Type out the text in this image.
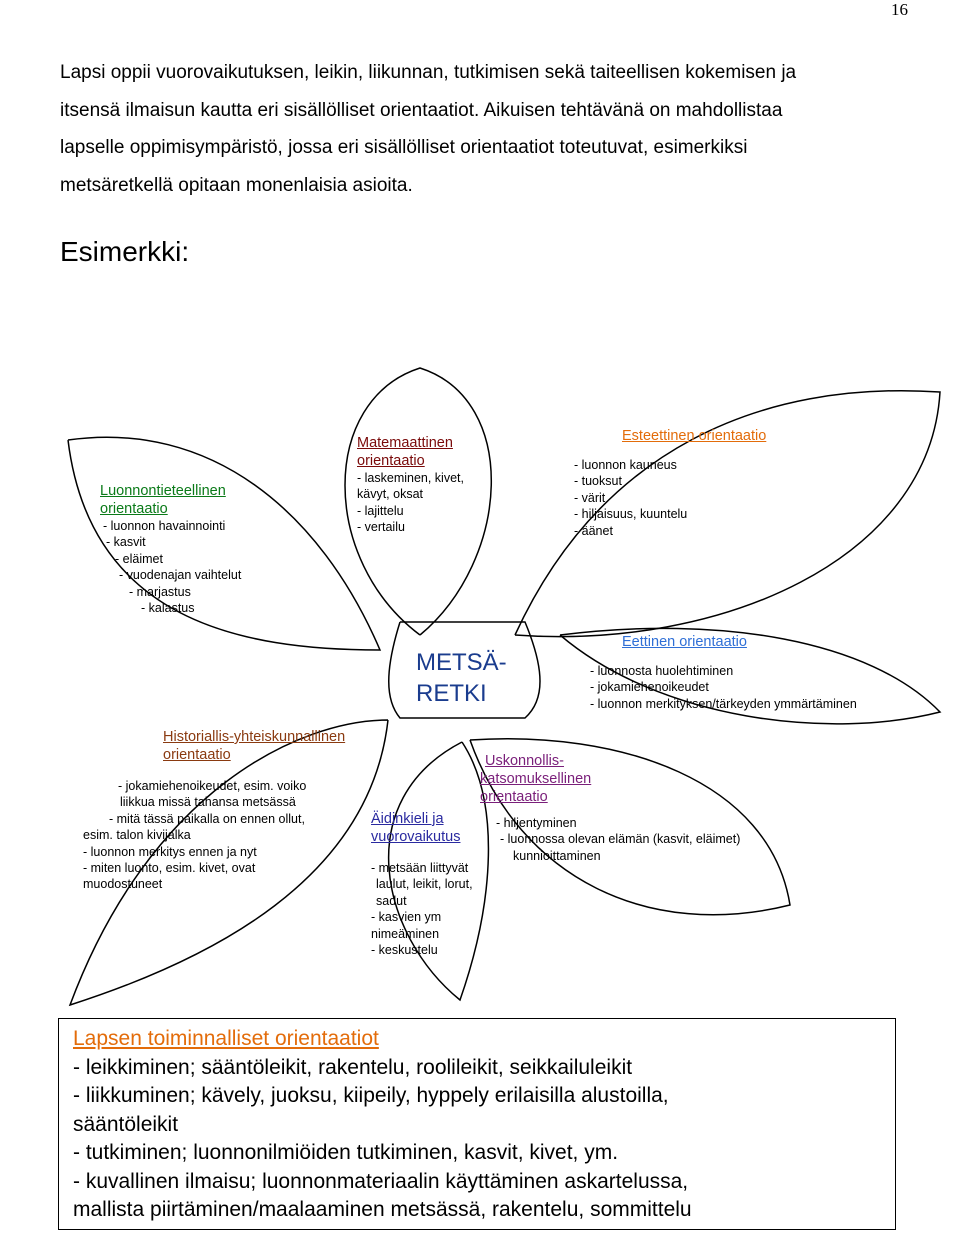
16
Lapsi oppii vuorovaikutuksen, leikin, liikunnan, tutkimisen sekä taiteellisen kokemisen ja
itsensä ilmaisun kautta eri sisällölliset orientaatiot. Aikuisen tehtävänä on mahdollistaa
lapselle oppimisympäristö, jossa eri sisällölliset orientaatiot toteutuvat, esimerkiksi
metsäretkellä opitaan monenlaisia asioita.
Esimerkki:
Luonnontieteellinen
orientaatio
- luonnon havainnointi
- kasvit
- eläimet
- vuodenajan vaihtelut
- marjastus
- kalastus
Matemaattinen
orientaatio
- laskeminen, kivet,
kävyt, oksat
- lajittelu
- vertailu
Esteettinen orientaatio
- luonnon kauneus
- tuoksut
- värit
- hiljaisuus, kuuntelu
- äänet
Eettinen orientaatio
- luonnosta huolehtiminen
- jokamiehenoikeudet
- luonnon merkityksen/tärkeyden ymmärtäminen
METSÄ-
RETKI
Historiallis-yhteiskunnallinen
orientaatio
- jokamiehenoikeudet, esim. voiko
liikkua missä tahansa metsässä
- mitä tässä paikalla on ennen ollut,
esim. talon kivijalka
- luonnon merkitys ennen ja nyt
- miten luonto, esim. kivet, ovat
muodostuneet
Äidinkieli ja
vuorovaikutus
- metsään liittyvät
laulut, leikit, lorut,
sadut
- kasvien ym
nimeäminen
- keskustelu
Uskonnollis-
katsomuksellinen
orientaatio
- hiljentyminen
- luonnossa olevan elämän (kasvit, eläimet)
kunnioittaminen
Lapsen toiminnalliset orientaatiot
- leikkiminen; sääntöleikit, rakentelu, roolileikit, seikkailuleikit
- liikkuminen; kävely, juoksu, kiipeily, hyppely erilaisilla alustoilla,
sääntöleikit
- tutkiminen; luonnonilmiöiden tutkiminen, kasvit, kivet, ym.
- kuvallinen ilmaisu; luonnonmateriaalin käyttäminen askartelussa,
mallista piirtäminen/maalaaminen metsässä, rakentelu, sommittelu
